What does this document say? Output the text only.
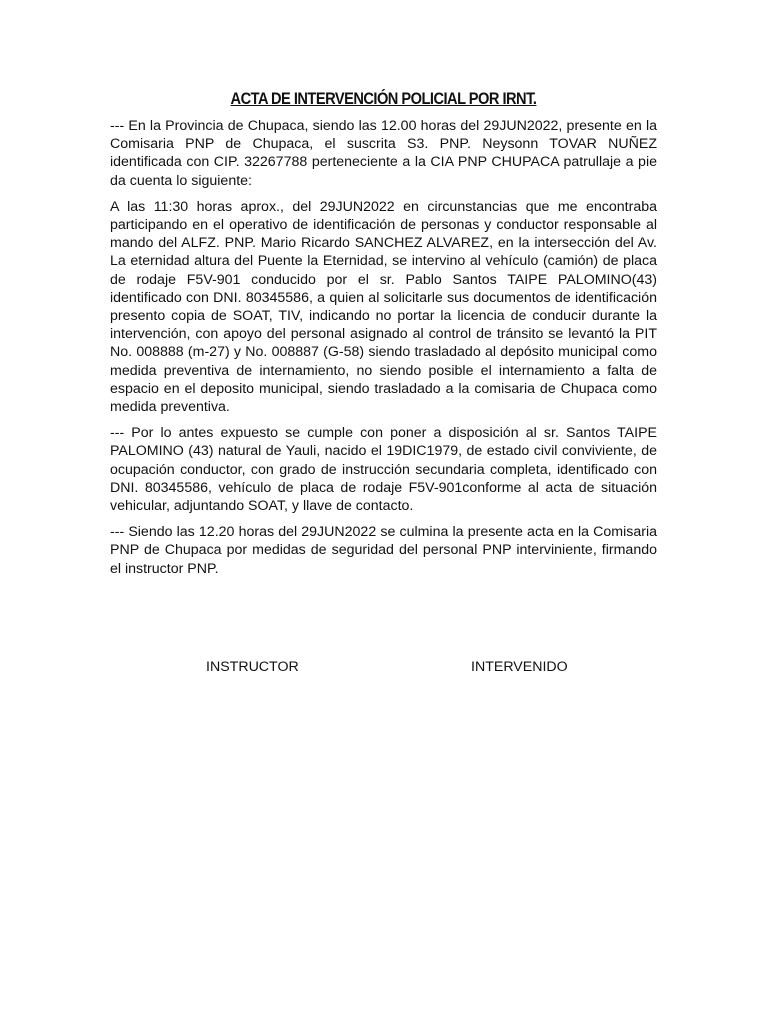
ACTA DE INTERVENCIÓN POLICIAL POR IRNT.

--- En la Provincia de Chupaca, siendo las 12.00 horas del 29JUN2022, presente en la Comisaria PNP de Chupaca, el suscrita S3. PNP. Neysonn TOVAR NUÑEZ identificada con CIP. 32267788 perteneciente a la CIA PNP CHUPACA patrullaje a pie da cuenta lo siguiente:

A las 11:30 horas aprox., del 29JUN2022 en circunstancias que me encontraba participando en el operativo de identificación de personas y conductor responsable al mando del ALFZ. PNP. Mario Ricardo SANCHEZ ALVAREZ, en la intersección del Av. La eternidad altura del Puente la Eternidad, se intervino al vehículo (camión) de placa de rodaje F5V-901 conducido por el sr. Pablo Santos TAIPE PALOMINO(43) identificado con DNI. 80345586, a quien al solicitarle sus documentos de identificación presento copia de SOAT, TIV, indicando no portar la licencia de conducir durante la intervención, con apoyo del personal asignado al control de tránsito se levantó la PIT No. 008888 (m-27) y No. 008887 (G-58) siendo trasladado al depósito municipal como medida preventiva de internamiento, no siendo posible el internamiento a falta de espacio en el deposito municipal, siendo trasladado a la comisaria de Chupaca como medida preventiva.

--- Por lo antes expuesto se cumple con poner a disposición al sr. Santos TAIPE PALOMINO (43) natural de Yauli, nacido el 19DIC1979, de estado civil conviviente, de ocupación conductor, con grado de instrucción secundaria completa, identificado con DNI. 80345586, vehículo de placa de rodaje F5V-901conforme al acta de situación vehicular, adjuntando SOAT, y llave de contacto.

--- Siendo las 12.20 horas del 29JUN2022 se culmina la presente acta en la Comisaria PNP de Chupaca por medidas de seguridad del personal PNP interviniente, firmando el instructor PNP.

INSTRUCTOR	INTERVENIDO
